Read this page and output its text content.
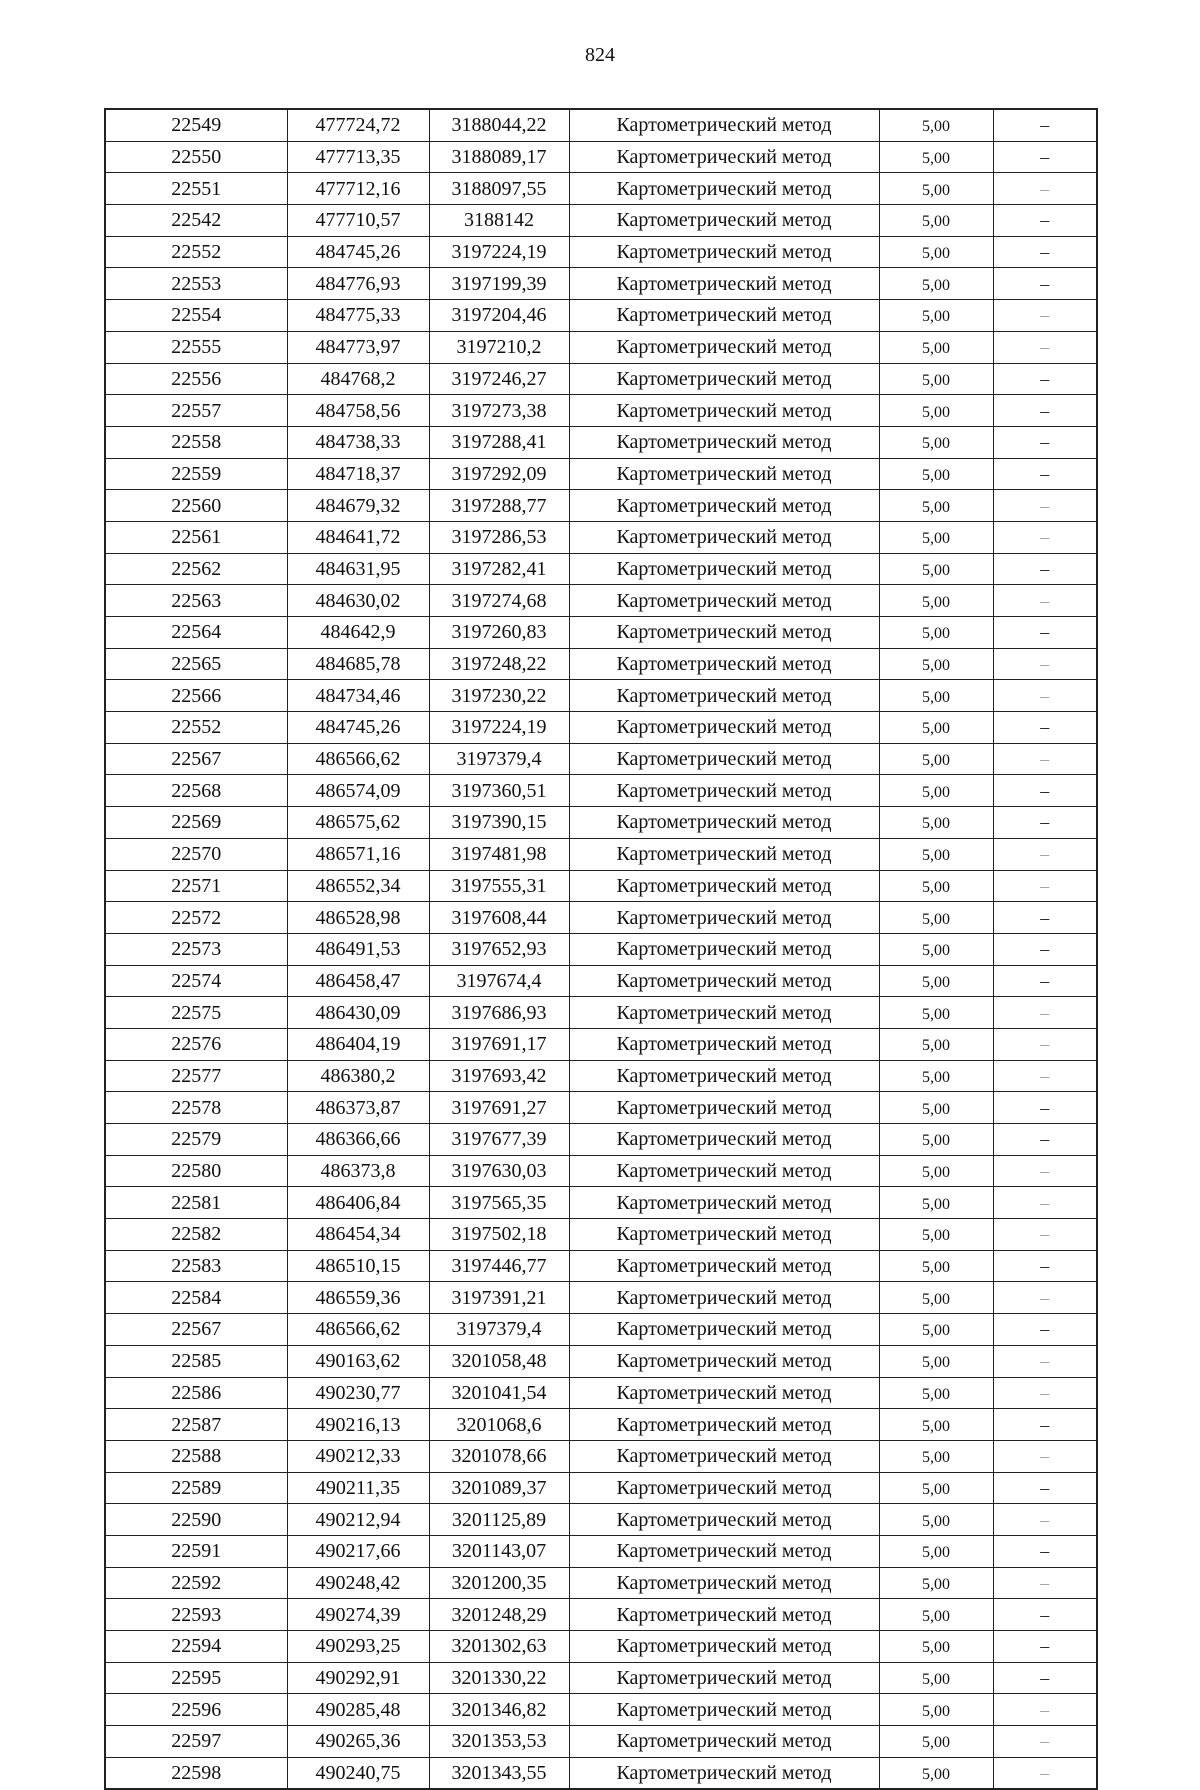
824
22549	477724,72	3188044,22	Картометрический метод	5,00	–
22550	477713,35	3188089,17	Картометрический метод	5,00	–
22551	477712,16	3188097,55	Картометрический метод	5,00	–
22542	477710,57	3188142	Картометрический метод	5,00	–
22552	484745,26	3197224,19	Картометрический метод	5,00	–
22553	484776,93	3197199,39	Картометрический метод	5,00	–
22554	484775,33	3197204,46	Картометрический метод	5,00	–
22555	484773,97	3197210,2	Картометрический метод	5,00	–
22556	484768,2	3197246,27	Картометрический метод	5,00	–
22557	484758,56	3197273,38	Картометрический метод	5,00	–
22558	484738,33	3197288,41	Картометрический метод	5,00	–
22559	484718,37	3197292,09	Картометрический метод	5,00	–
22560	484679,32	3197288,77	Картометрический метод	5,00	–
22561	484641,72	3197286,53	Картометрический метод	5,00	–
22562	484631,95	3197282,41	Картометрический метод	5,00	–
22563	484630,02	3197274,68	Картометрический метод	5,00	–
22564	484642,9	3197260,83	Картометрический метод	5,00	–
22565	484685,78	3197248,22	Картометрический метод	5,00	–
22566	484734,46	3197230,22	Картометрический метод	5,00	–
22552	484745,26	3197224,19	Картометрический метод	5,00	–
22567	486566,62	3197379,4	Картометрический метод	5,00	–
22568	486574,09	3197360,51	Картометрический метод	5,00	–
22569	486575,62	3197390,15	Картометрический метод	5,00	–
22570	486571,16	3197481,98	Картометрический метод	5,00	–
22571	486552,34	3197555,31	Картометрический метод	5,00	–
22572	486528,98	3197608,44	Картометрический метод	5,00	–
22573	486491,53	3197652,93	Картометрический метод	5,00	–
22574	486458,47	3197674,4	Картометрический метод	5,00	–
22575	486430,09	3197686,93	Картометрический метод	5,00	–
22576	486404,19	3197691,17	Картометрический метод	5,00	–
22577	486380,2	3197693,42	Картометрический метод	5,00	–
22578	486373,87	3197691,27	Картометрический метод	5,00	–
22579	486366,66	3197677,39	Картометрический метод	5,00	–
22580	486373,8	3197630,03	Картометрический метод	5,00	–
22581	486406,84	3197565,35	Картометрический метод	5,00	–
22582	486454,34	3197502,18	Картометрический метод	5,00	–
22583	486510,15	3197446,77	Картометрический метод	5,00	–
22584	486559,36	3197391,21	Картометрический метод	5,00	–
22567	486566,62	3197379,4	Картометрический метод	5,00	–
22585	490163,62	3201058,48	Картометрический метод	5,00	–
22586	490230,77	3201041,54	Картометрический метод	5,00	–
22587	490216,13	3201068,6	Картометрический метод	5,00	–
22588	490212,33	3201078,66	Картометрический метод	5,00	–
22589	490211,35	3201089,37	Картометрический метод	5,00	–
22590	490212,94	3201125,89	Картометрический метод	5,00	–
22591	490217,66	3201143,07	Картометрический метод	5,00	–
22592	490248,42	3201200,35	Картометрический метод	5,00	–
22593	490274,39	3201248,29	Картометрический метод	5,00	–
22594	490293,25	3201302,63	Картометрический метод	5,00	–
22595	490292,91	3201330,22	Картометрический метод	5,00	–
22596	490285,48	3201346,82	Картометрический метод	5,00	–
22597	490265,36	3201353,53	Картометрический метод	5,00	–
22598	490240,75	3201343,55	Картометрический метод	5,00	–
